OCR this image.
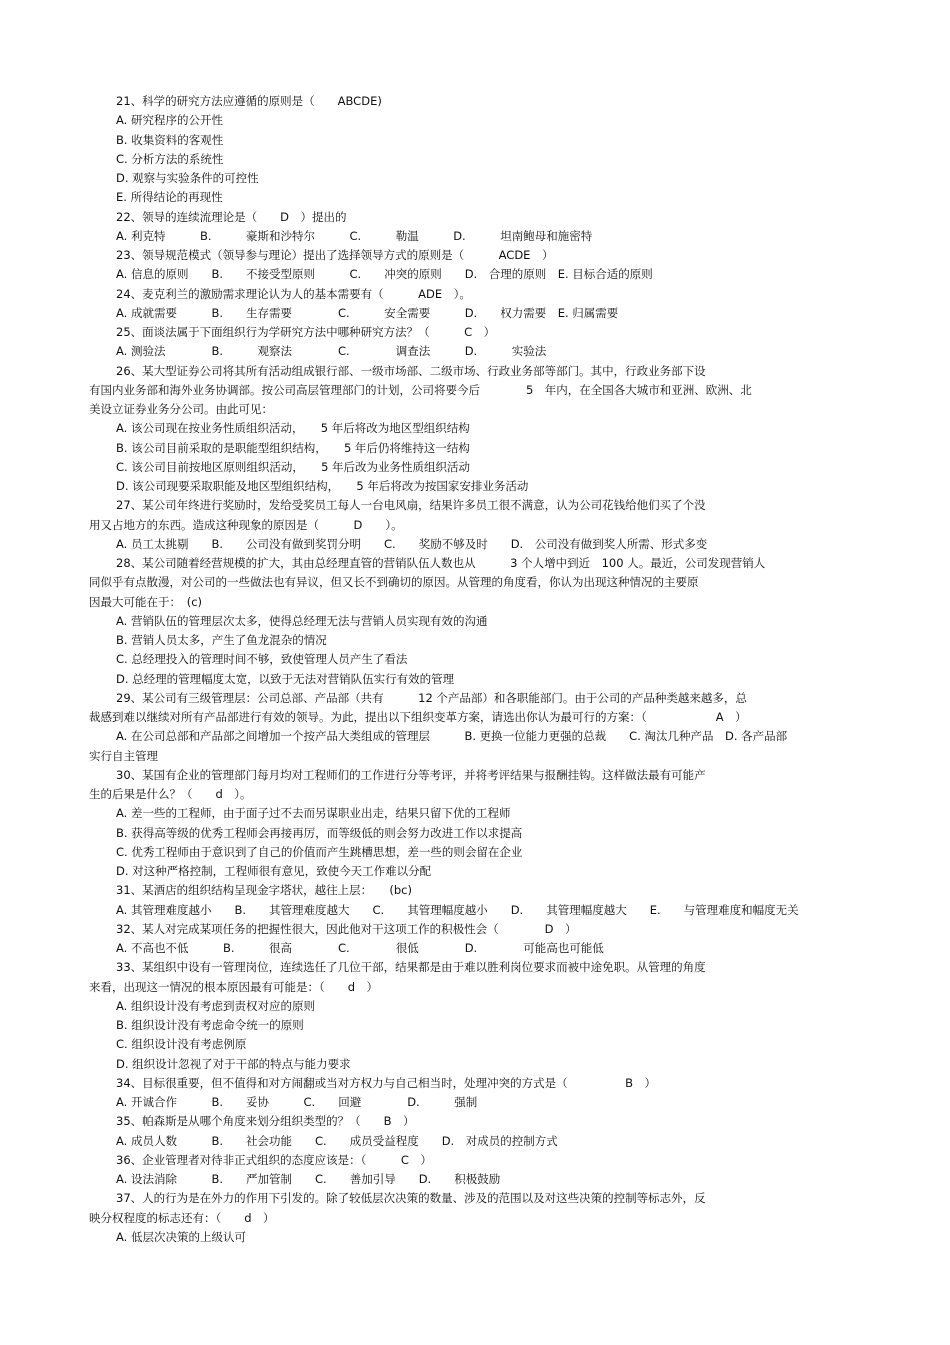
21、科学的研究方法应遵循的原则是（　　ABCDE)
A. 研究程序的公开性
B. 收集资料的客观性
C. 分析方法的系统性
D. 观察与实验条件的可控性
E. 所得结论的再现性
22、领导的连续流理论是（　　D　）提出的
A. 利克特　　　B.　　　豪斯和沙特尔　　　C.　　　勒温　　　D.　　　坦南鲍母和施密特
23、领导规范模式（领导参与理论）提出了选择领导方式的原则是（　　　ACDE　）
A. 信息的原则　　B.　　不接受型原则　　　C.　　冲突的原则　　D.　合理的原则　E. 目标合适的原则
24、麦克利兰的激励需求理论认为人的基本需要有（　　　ADE　）。
A. 成就需要　　　B.　　生存需要　　　　C.　　　安全需要　　　D.　　权力需要　E. 归属需要
25、面谈法属于下面组织行为学研究方法中哪种研究方法？（　　　C　）
A. 测验法　　　　B.　　　观察法　　　　C.　　　　调查法　　　D.　　　实验法
26、某大型证券公司将其所有活动组成银行部、一级市场部、二级市场、行政业务部等部门。其中，行政业务部下设
有国内业务部和海外业务协调部。按公司高层管理部门的计划，公司将要今后　　　　5　年内，在全国各大城市和亚洲、欧洲、北
美设立证券业务分公司。由此可见：
A. 该公司现在按业务性质组织活动，　　5 年后将改为地区型组织结构
B. 该公司目前采取的是职能型组织结构，　　5 年后仍将维持这一结构
C. 该公司目前按地区原则组织活动，　　5 年后改为业务性质组织活动
D. 该公司现要采取职能及地区型组织结构，　　5 年后将改为按国家安排业务活动
27、某公司年终进行奖励时，发给受奖员工每人一台电风扇，结果许多员工很不满意，认为公司花钱给他们买了个没
用又占地方的东西。造成这种现象的原因是（　　　D　　）。
A. 员工太挑剔　　B.　　公司没有做到奖罚分明　　C.　　奖励不够及时　　D.　公司没有做到奖人所需、形式多变
28、某公司随着经营规模的扩大，其由总经理直管的营销队伍人数也从　　　3 个人增中到近　100 人。最近，公司发现营销人
同似乎有点散漫，对公司的一些做法也有异议，但又长不到确切的原因。从管理的角度看，你认为出现这种情况的主要原
因最大可能在于：　(c)
A. 营销队伍的管理层次太多，使得总经理无法与营销人员实现有效的沟通
B. 营销人员太多，产生了鱼龙混杂的情况
C. 总经理投入的管理时间不够，致使管理人员产生了看法
D. 总经理的管理幅度太宽，以致于无法对营销队伍实行有效的管理
29、某公司有三级管理层：公司总部、产品部（共有　　　12 个产品部）和各职能部门。由于公司的产品种类越来越多，总
裁感到难以继续对所有产品部进行有效的领导。为此，提出以下组织变革方案，请选出你认为最可行的方案：（　　　　　　A　）
A. 在公司总部和产品部之间增加一个按产品大类组成的管理层　　　B. 更换一位能力更强的总裁　　C. 淘汰几种产品　D. 各产品部
实行自主管理
30、某国有企业的管理部门每月均对工程师们的工作进行分等考评，并将考评结果与报酬挂钩。这样做法最有可能产
生的后果是什么？（　　d　）。
A. 差一些的工程师，由于面子过不去而另谋职业出走，结果只留下优的工程师
B. 获得高等级的优秀工程师会再接再厉，而等级低的则会努力改进工作以求提高
C. 优秀工程师由于意识到了自己的价值而产生跳槽思想，差一些的则会留在企业
D. 对这种严格控制，工程师很有意见，致使今天工作难以分配
31、某酒店的组织结构呈现金字塔状，越往上层：　　(bc)
A. 其管理难度越小　　B.　　其管理难度越大　　C.　　其管理幅度越小　　D.　　其管理幅度越大　　E.　　与管理难度和幅度无关
32、某人对完成某项任务的把握性很大，因此他对干这项工作的积极性会（　　　　D　）
A. 不高也不低　　　B.　　　很高　　　　C.　　　　很低　　　　D.　　　　可能高也可能低
33、某组织中设有一管理岗位，连续选任了几位干部，结果都是由于难以胜利岗位要求而被中途免职。从管理的角度
来看，出现这一情况的根本原因最有可能是：（　　d　）
A. 组织设计没有考虑到责权对应的原则
B. 组织设计没有考虑命令统一的原则
C. 组织设计没有考虑例原
D. 组织设计忽视了对于干部的特点与能力要求
34、目标很重要，但不值得和对方闹翻或当对方权力与自己相当时，处理冲突的方式是（　　　　　B　）
A. 开诚合作　　　B.　　妥协　　　C.　　回避　　　　D.　　　强制
35、帕森斯是从哪个角度来划分组织类型的？（　　B　）
A. 成员人数　　　B.　　社会功能　　C.　　成员受益程度　　D.　对成员的控制方式
36、企业管理者对待非正式组织的态度应该是：（　　　C　）
A. 设法消除　　　B.　　严加管制　　C.　　善加引导　　D.　　积极鼓励
37、人的行为是在外力的作用下引发的。除了较低层次决策的数量、涉及的范围以及对这些决策的控制等标志外，反
映分权程度的标志还有：（　　d　）
A. 低层次决策的上级认可
